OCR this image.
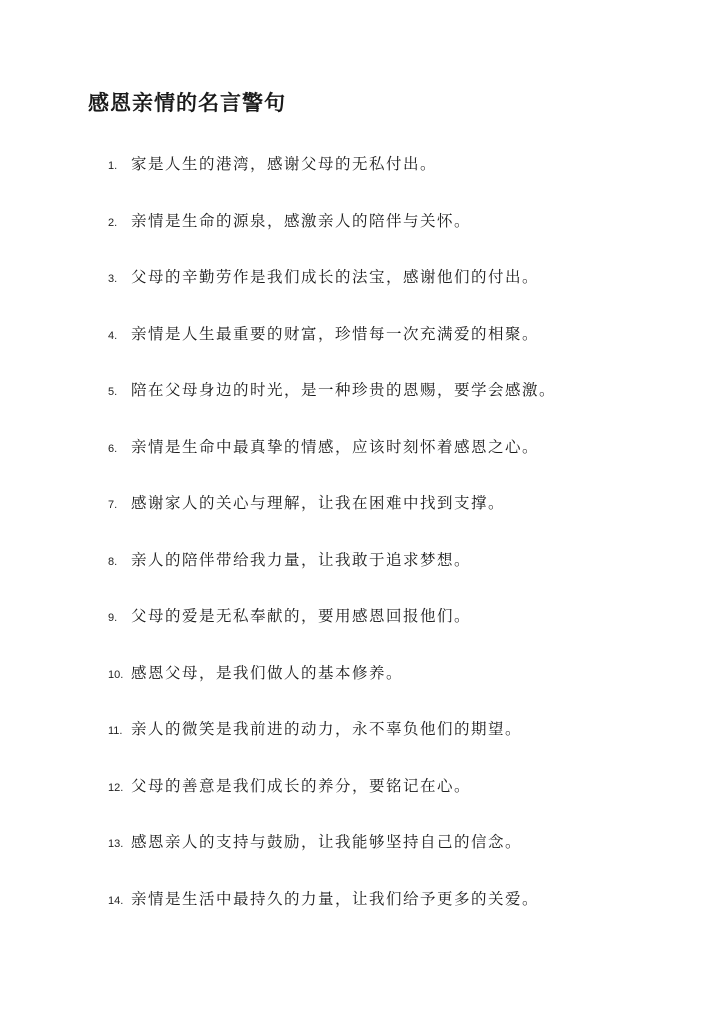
感恩亲情的名言警句
1. 家是人生的港湾，感谢父母的无私付出。
2. 亲情是生命的源泉，感激亲人的陪伴与关怀。
3. 父母的辛勤劳作是我们成长的法宝，感谢他们的付出。
4. 亲情是人生最重要的财富，珍惜每一次充满爱的相聚。
5. 陪在父母身边的时光，是一种珍贵的恩赐，要学会感激。
6. 亲情是生命中最真挚的情感，应该时刻怀着感恩之心。
7. 感谢家人的关心与理解，让我在困难中找到支撑。
8. 亲人的陪伴带给我力量，让我敢于追求梦想。
9. 父母的爱是无私奉献的，要用感恩回报他们。
10. 感恩父母，是我们做人的基本修养。
11. 亲人的微笑是我前进的动力，永不辜负他们的期望。
12. 父母的善意是我们成长的养分，要铭记在心。
13. 感恩亲人的支持与鼓励，让我能够坚持自己的信念。
14. 亲情是生活中最持久的力量，让我们给予更多的关爱。
